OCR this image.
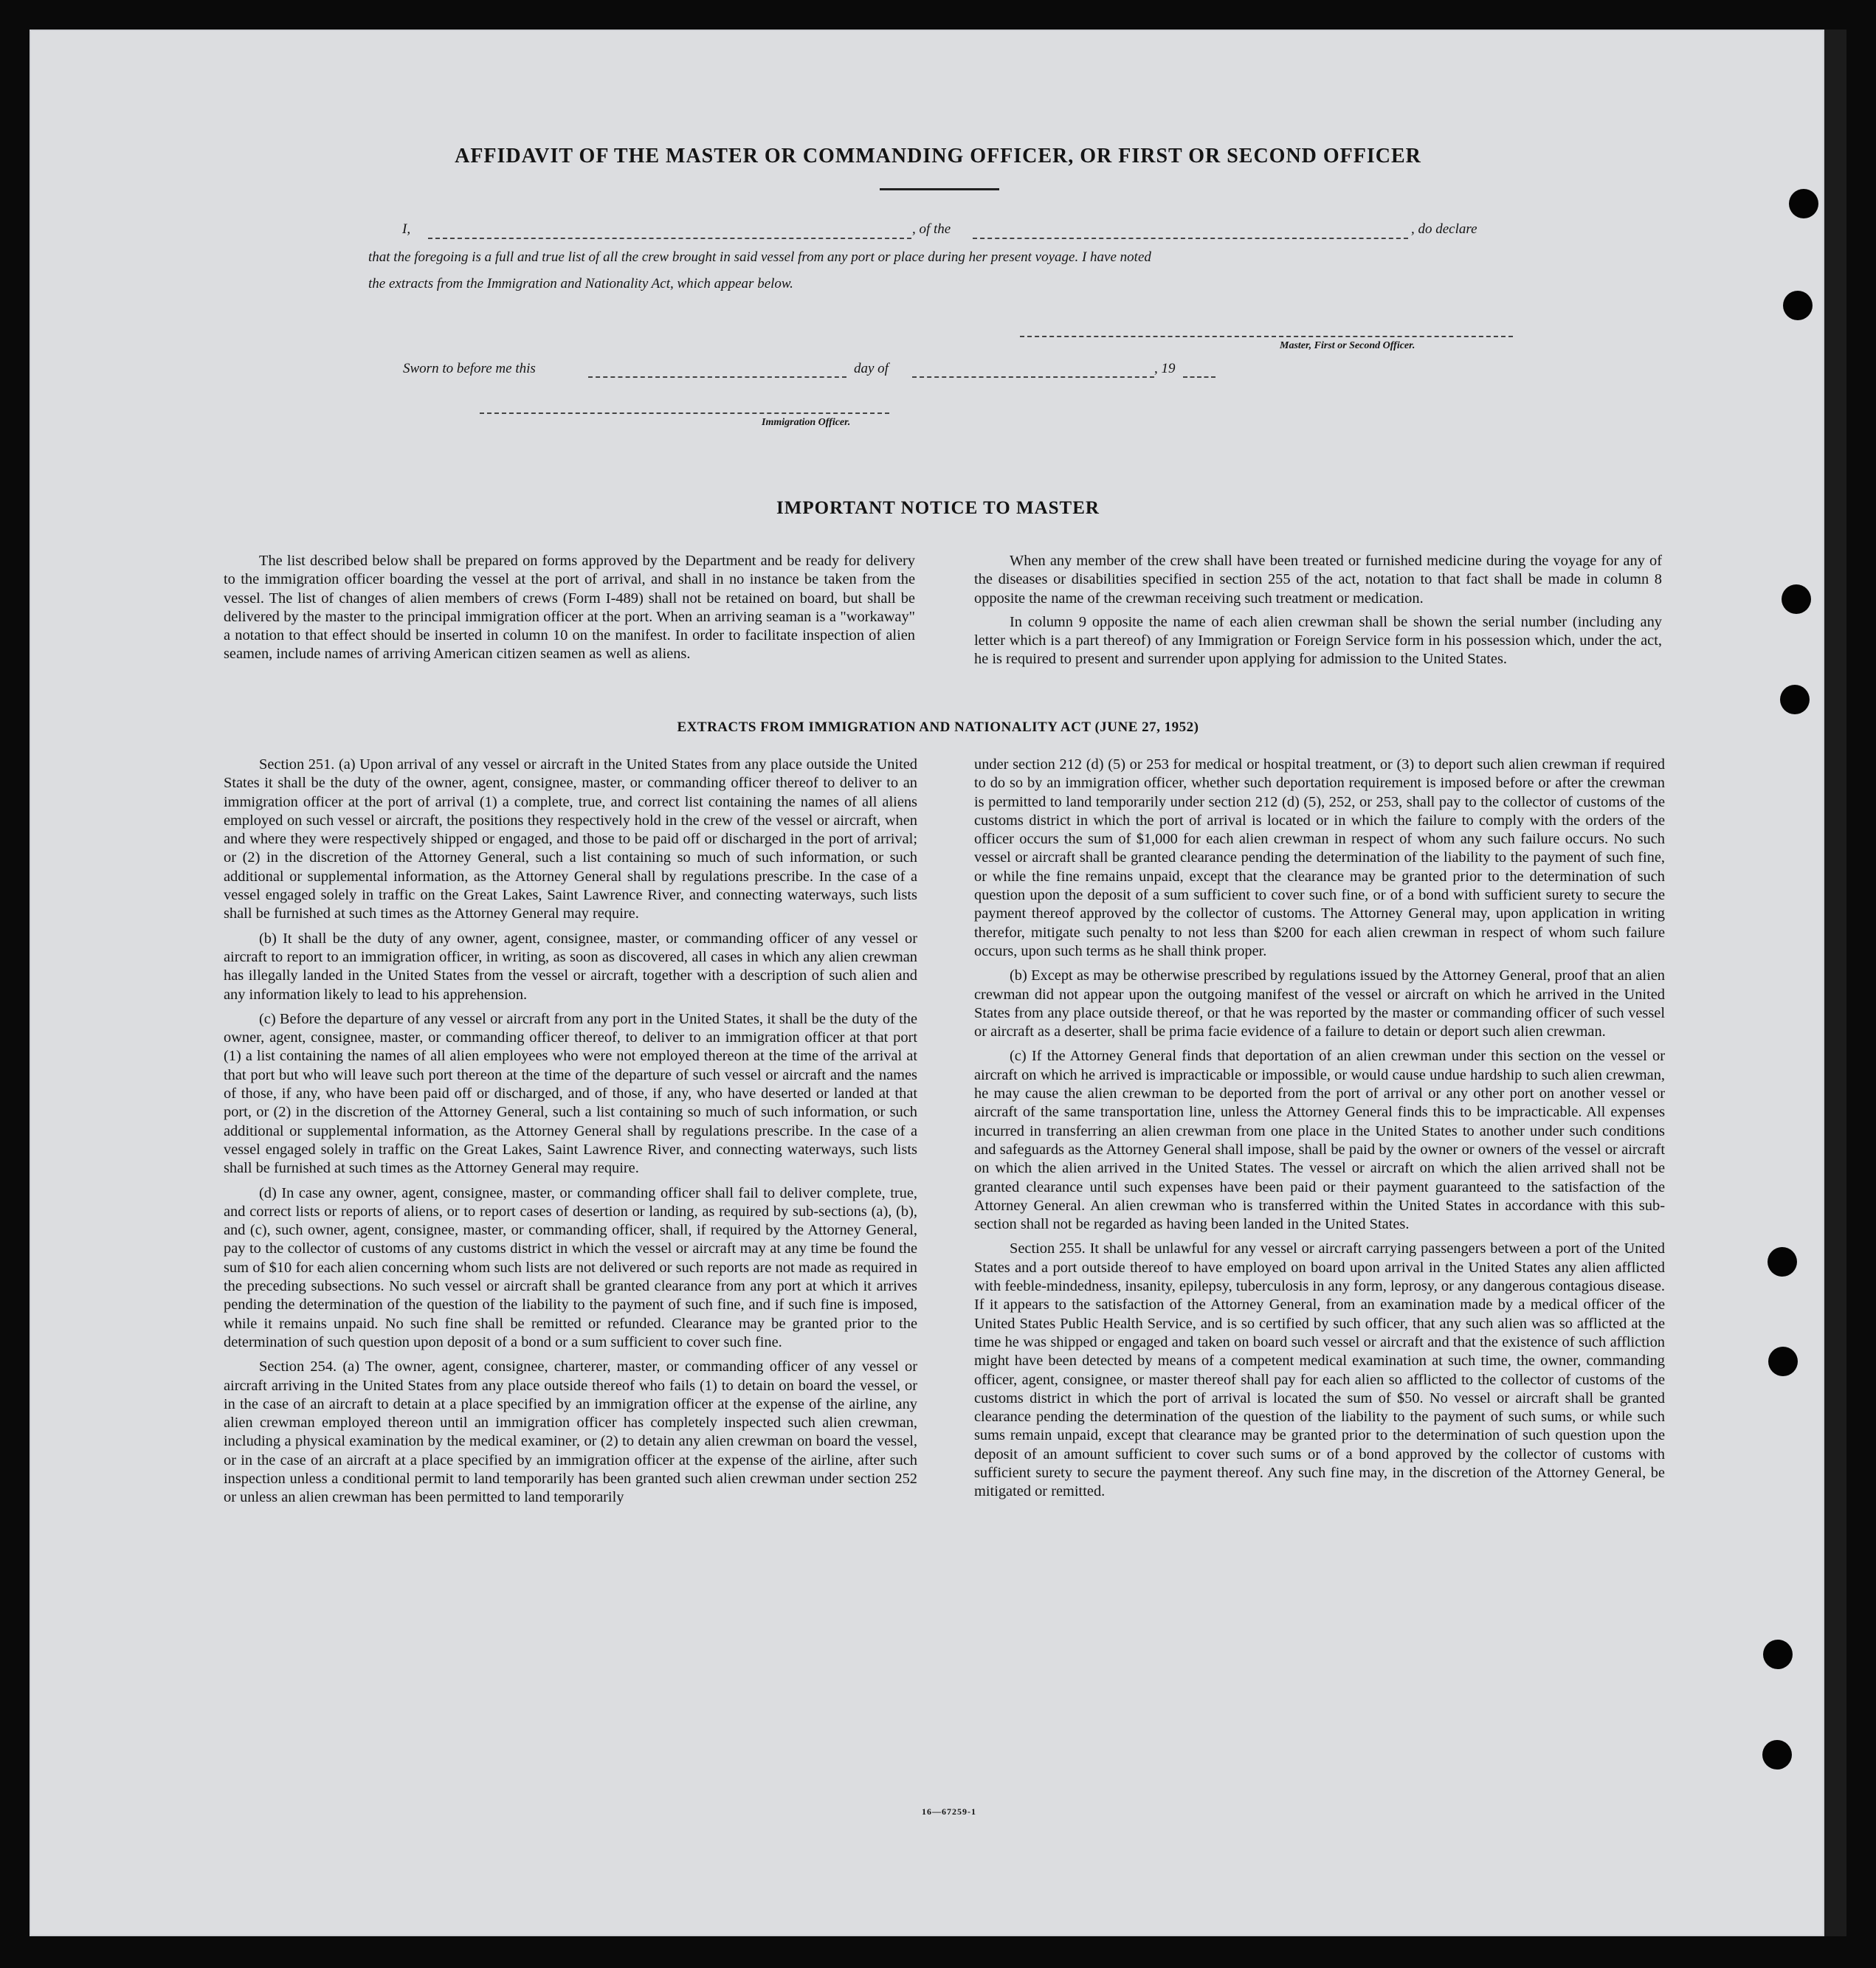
AFFIDAVIT OF THE MASTER OR COMMANDING OFFICER, OR FIRST OR SECOND OFFICER
I,	, of the	, do declare
that the foregoing is a full and true list of all the crew brought in said vessel from any port or place during her present voyage. I have noted
the extracts from the Immigration and Nationality Act, which appear below.
Master, First or Second Officer.
Sworn to before me this	day of	, 19
Immigration Officer.
IMPORTANT NOTICE TO MASTER

The list described below shall be prepared on forms approved by the Department and be ready for delivery to the immigration officer boarding the vessel at the port of arrival, and shall in no instance be taken from the vessel. The list of changes of alien members of crews (Form I-489) shall not be retained on board, but shall be delivered by the master to the principal immigration officer at the port. When an arriving seaman is a "workaway" a notation to that effect should be inserted in column 10 on the manifest. In order to facilitate inspection of alien seamen, include names of arriving American citizen seamen as well as aliens.

When any member of the crew shall have been treated or furnished medicine during the voyage for any of the diseases or disabilities specified in section 255 of the act, notation to that fact shall be made in column 8 opposite the name of the crewman receiving such treatment or medication.

In column 9 opposite the name of each alien crewman shall be shown the serial number (including any letter which is a part thereof) of any Immigration or Foreign Service form in his possession which, under the act, he is required to present and surrender upon applying for admission to the United States.

EXTRACTS FROM IMMIGRATION AND NATIONALITY ACT (JUNE 27, 1952)

Section 251. (a) Upon arrival of any vessel or aircraft in the United States from any place outside the United States it shall be the duty of the owner, agent, consignee, master, or commanding officer thereof to deliver to an immigration officer at the port of arrival (1) a complete, true, and correct list containing the names of all aliens employed on such vessel or aircraft, the positions they respectively hold in the crew of the vessel or aircraft, when and where they were respectively shipped or engaged, and those to be paid off or discharged in the port of arrival; or (2) in the discretion of the Attorney General, such a list containing so much of such information, or such additional or supplemental information, as the Attorney General shall by regulations prescribe. In the case of a vessel engaged solely in traffic on the Great Lakes, Saint Lawrence River, and connecting waterways, such lists shall be furnished at such times as the Attorney General may require.

(b) It shall be the duty of any owner, agent, consignee, master, or commanding officer of any vessel or aircraft to report to an immigration officer, in writing, as soon as discovered, all cases in which any alien crewman has illegally landed in the United States from the vessel or aircraft, together with a description of such alien and any information likely to lead to his apprehension.

(c) Before the departure of any vessel or aircraft from any port in the United States, it shall be the duty of the owner, agent, consignee, master, or commanding officer thereof, to deliver to an immigration officer at that port (1) a list containing the names of all alien employees who were not employed thereon at the time of the arrival at that port but who will leave such port thereon at the time of the departure of such vessel or aircraft and the names of those, if any, who have been paid off or discharged, and of those, if any, who have deserted or landed at that port, or (2) in the discretion of the Attorney General, such a list containing so much of such information, or such additional or supplemental information, as the Attorney General shall by regulations prescribe. In the case of a vessel engaged solely in traffic on the Great Lakes, Saint Lawrence River, and connecting waterways, such lists shall be furnished at such times as the Attorney General may require.

(d) In case any owner, agent, consignee, master, or commanding officer shall fail to deliver complete, true, and correct lists or reports of aliens, or to report cases of desertion or landing, as required by sub-sections (a), (b), and (c), such owner, agent, consignee, master, or commanding officer, shall, if required by the Attorney General, pay to the collector of customs of any customs district in which the vessel or aircraft may at any time be found the sum of $10 for each alien concerning whom such lists are not delivered or such reports are not made as required in the preceding subsections. No such vessel or aircraft shall be granted clearance from any port at which it arrives pending the determination of the question of the liability to the payment of such fine, and if such fine is imposed, while it remains unpaid. No such fine shall be remitted or refunded. Clearance may be granted prior to the determination of such question upon deposit of a bond or a sum sufficient to cover such fine.

Section 254. (a) The owner, agent, consignee, charterer, master, or commanding officer of any vessel or aircraft arriving in the United States from any place outside thereof who fails (1) to detain on board the vessel, or in the case of an aircraft to detain at a place specified by an immigration officer at the expense of the airline, any alien crewman employed thereon until an immigration officer has completely inspected such alien crewman, including a physical examination by the medical examiner, or (2) to detain any alien crewman on board the vessel, or in the case of an aircraft at a place specified by an immigration officer at the expense of the airline, after such inspection unless a conditional permit to land temporarily has been granted such alien crewman under section 252 or unless an alien crewman has been permitted to land temporarily

under section 212 (d) (5) or 253 for medical or hospital treatment, or (3) to deport such alien crewman if required to do so by an immigration officer, whether such deportation requirement is imposed before or after the crewman is permitted to land temporarily under section 212 (d) (5), 252, or 253, shall pay to the collector of customs of the customs district in which the port of arrival is located or in which the failure to comply with the orders of the officer occurs the sum of $1,000 for each alien crewman in respect of whom any such failure occurs. No such vessel or aircraft shall be granted clearance pending the determination of the liability to the payment of such fine, or while the fine remains unpaid, except that the clearance may be granted prior to the determination of such question upon the deposit of a sum sufficient to cover such fine, or of a bond with sufficient surety to secure the payment thereof approved by the collector of customs. The Attorney General may, upon application in writing therefor, mitigate such penalty to not less than $200 for each alien crewman in respect of whom such failure occurs, upon such terms as he shall think proper.

(b) Except as may be otherwise prescribed by regulations issued by the Attorney General, proof that an alien crewman did not appear upon the outgoing manifest of the vessel or aircraft on which he arrived in the United States from any place outside thereof, or that he was reported by the master or commanding officer of such vessel or aircraft as a deserter, shall be prima facie evidence of a failure to detain or deport such alien crewman.

(c) If the Attorney General finds that deportation of an alien crewman under this section on the vessel or aircraft on which he arrived is impracticable or impossible, or would cause undue hardship to such alien crewman, he may cause the alien crewman to be deported from the port of arrival or any other port on another vessel or aircraft of the same transportation line, unless the Attorney General finds this to be impracticable. All expenses incurred in transferring an alien crewman from one place in the United States to another under such conditions and safeguards as the Attorney General shall impose, shall be paid by the owner or owners of the vessel or aircraft on which the alien arrived in the United States. The vessel or aircraft on which the alien arrived shall not be granted clearance until such expenses have been paid or their payment guaranteed to the satisfaction of the Attorney General. An alien crewman who is transferred within the United States in accordance with this sub-section shall not be regarded as having been landed in the United States.

Section 255. It shall be unlawful for any vessel or aircraft carrying passengers between a port of the United States and a port outside thereof to have employed on board upon arrival in the United States any alien afflicted with feeble-mindedness, insanity, epilepsy, tuberculosis in any form, leprosy, or any dangerous contagious disease. If it appears to the satisfaction of the Attorney General, from an examination made by a medical officer of the United States Public Health Service, and is so certified by such officer, that any such alien was so afflicted at the time he was shipped or engaged and taken on board such vessel or aircraft and that the existence of such affliction might have been detected by means of a competent medical examination at such time, the owner, commanding officer, agent, consignee, or master thereof shall pay for each alien so afflicted to the collector of customs of the customs district in which the port of arrival is located the sum of $50. No vessel or aircraft shall be granted clearance pending the determination of the question of the liability to the payment of such sums, or while such sums remain unpaid, except that clearance may be granted prior to the determination of such question upon the deposit of an amount sufficient to cover such sums or of a bond approved by the collector of customs with sufficient surety to secure the payment thereof. Any such fine may, in the discretion of the Attorney General, be mitigated or remitted.

16—67259-1
